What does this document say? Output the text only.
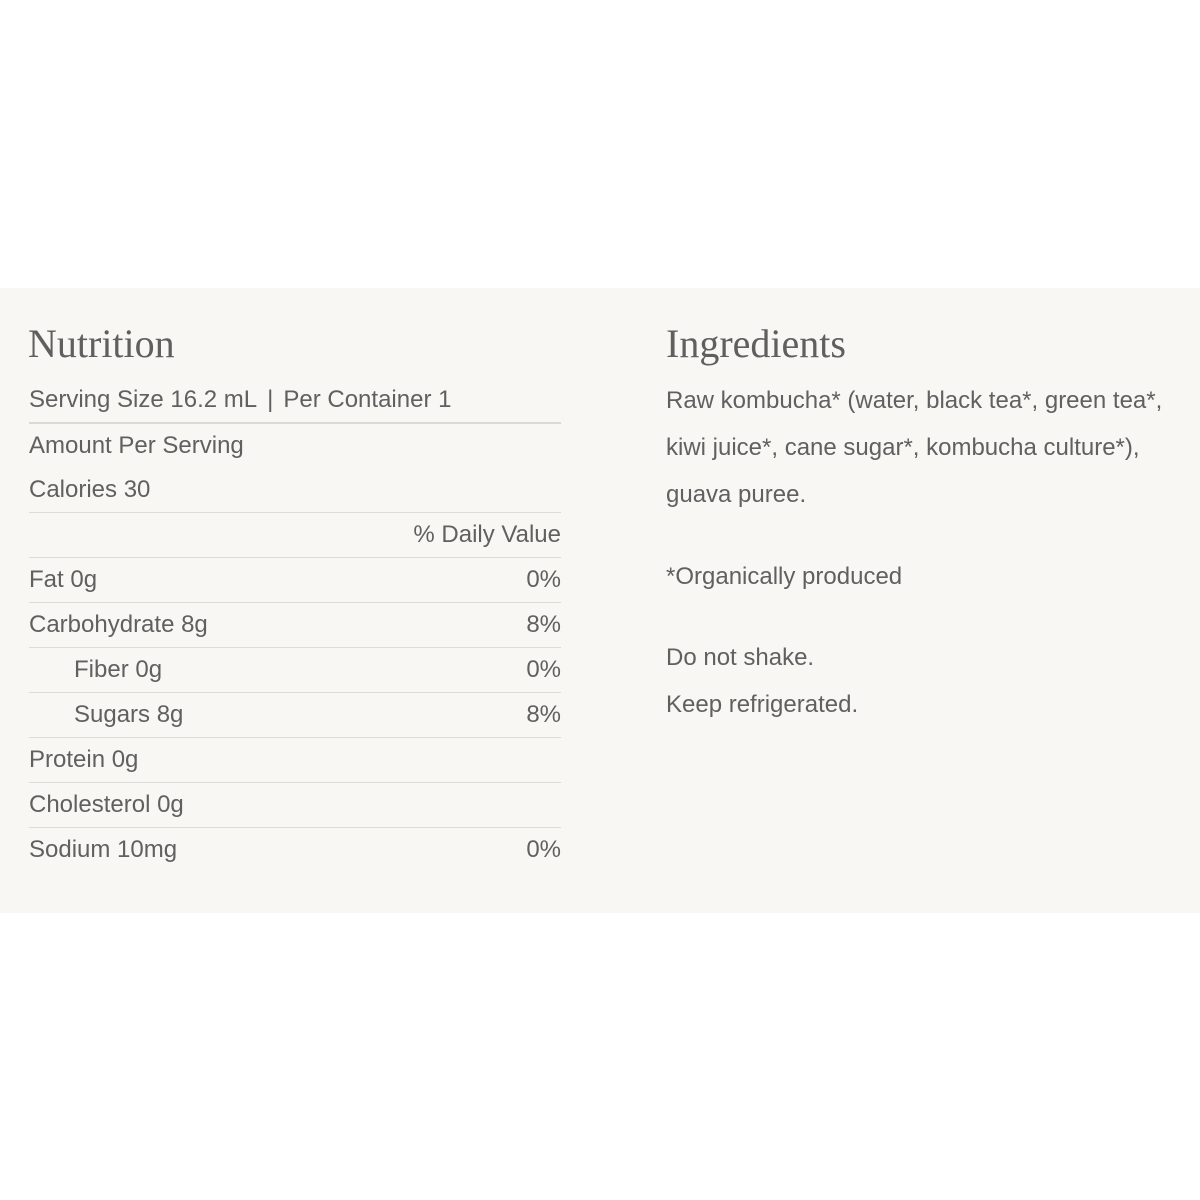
Nutrition
Serving Size 16.2 mL | Per Container 1
Amount Per Serving
Calories 30
% Daily Value
Fat 0g	0%
Carbohydrate 8g	8%
Fiber 0g	0%
Sugars 8g	8%
Protein 0g
Cholesterol 0g
Sodium 10mg	0%
Ingredients

Raw kombucha* (water, black tea*, green tea*, kiwi juice*, cane sugar*, kombucha culture*), guava puree.

*Organically produced

Do not shake.

Keep refrigerated.
